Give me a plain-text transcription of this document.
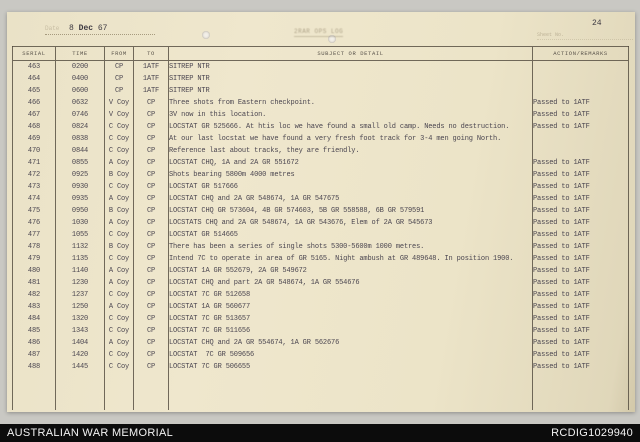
Date 8 Dec 67	2RAR OPS LOG
24
Sheet No.
SERIAL	TIME	FROM	TO	SUBJECT OR DETAIL	ACTION/REMARKS
463	0200	CP	1ATF	SITREP NTR	
464	0400	CP	1ATF	SITREP NTR	
465	0600	CP	1ATF	SITREP NTR	
466	0632	V Coy	CP	Three shots from Eastern checkpoint.	Passed to 1ATF
467	0746	V Coy	CP	3V now in this location.	Passed to 1ATF
468	0824	C Coy	CP	LOCSTAT GR 525666. At htis loc we have found a small old camp. Needs no destruction.	Passed to 1ATF
469	0838	C Coy	CP	At our last locstat we have found a very fresh foot track for 3-4 men going North.	
470	0844	C Coy	CP	Reference last about tracks, they are friendly.	
471	0855	A Coy	CP	LOCSTAT CHQ, 1A and 2A GR 551672	Passed to 1ATF
472	0925	B Coy	CP	Shots bearing 5800m 4000 metres	Passed to 1ATF
473	0930	C Coy	CP	LOCSTAT GR 517666	Passed to 1ATF
474	0935	A Coy	CP	LOCSTAT CHQ and 2A GR 548674, 1A GR 547675	Passed to 1ATF
475	0950	B Coy	CP	LOCSTAT CHQ GR 573604, 4B GR 574603, 5B GR 558588, 6B GR 579591	Passed to 1ATF
476	1030	A Coy	CP	LOCSTATS CHQ and 2A GR 548674, 1A GR 543676, Elem of 2A GR 545673	Passed to 1ATF
477	1055	C Coy	CP	LOCSTAT GR 514665	Passed to 1ATF
478	1132	B Coy	CP	There has been a series of single shots 5300-5600m 1000 metres.	Passed to 1ATF
479	1135	C Coy	CP	Intend 7C to operate in area of GR 5165. Night ambush at GR 489648. In position 1900.	Passed to 1ATF
480	1140	A Coy	CP	LOCSTAT 1A GR 552679, 2A GR 549672	Passed to 1ATF
481	1230	A Coy	CP	LOCSTAT CHQ and part 2A GR 548674, 1A GR 554676	Passed to 1ATF
482	1237	C Coy	CP	LOCSTAT 7C GR 512658	Passed to 1ATF
483	1250	A Coy	CP	LOCSTAT 1A GR 560677	Passed to 1ATF
484	1320	C Coy	CP	LOCSTAT 7C GR 513657	Passed to 1ATF
485	1343	C Coy	CP	LOCSTAT 7C GR 511656	Passed to 1ATF
486	1404	A Coy	CP	LOCSTAT CHQ and 2A GR 554674, 1A GR 562676	Passed to 1ATF
487	1420	C Coy	CP	LOCSTAT  7C GR 509656	Passed to 1ATF
488	1445	C Coy	CP	LOCSTAT 7C GR 506655	Passed to 1ATF

AUSTRALIAN WAR MEMORIAL	RCDIG1029940
